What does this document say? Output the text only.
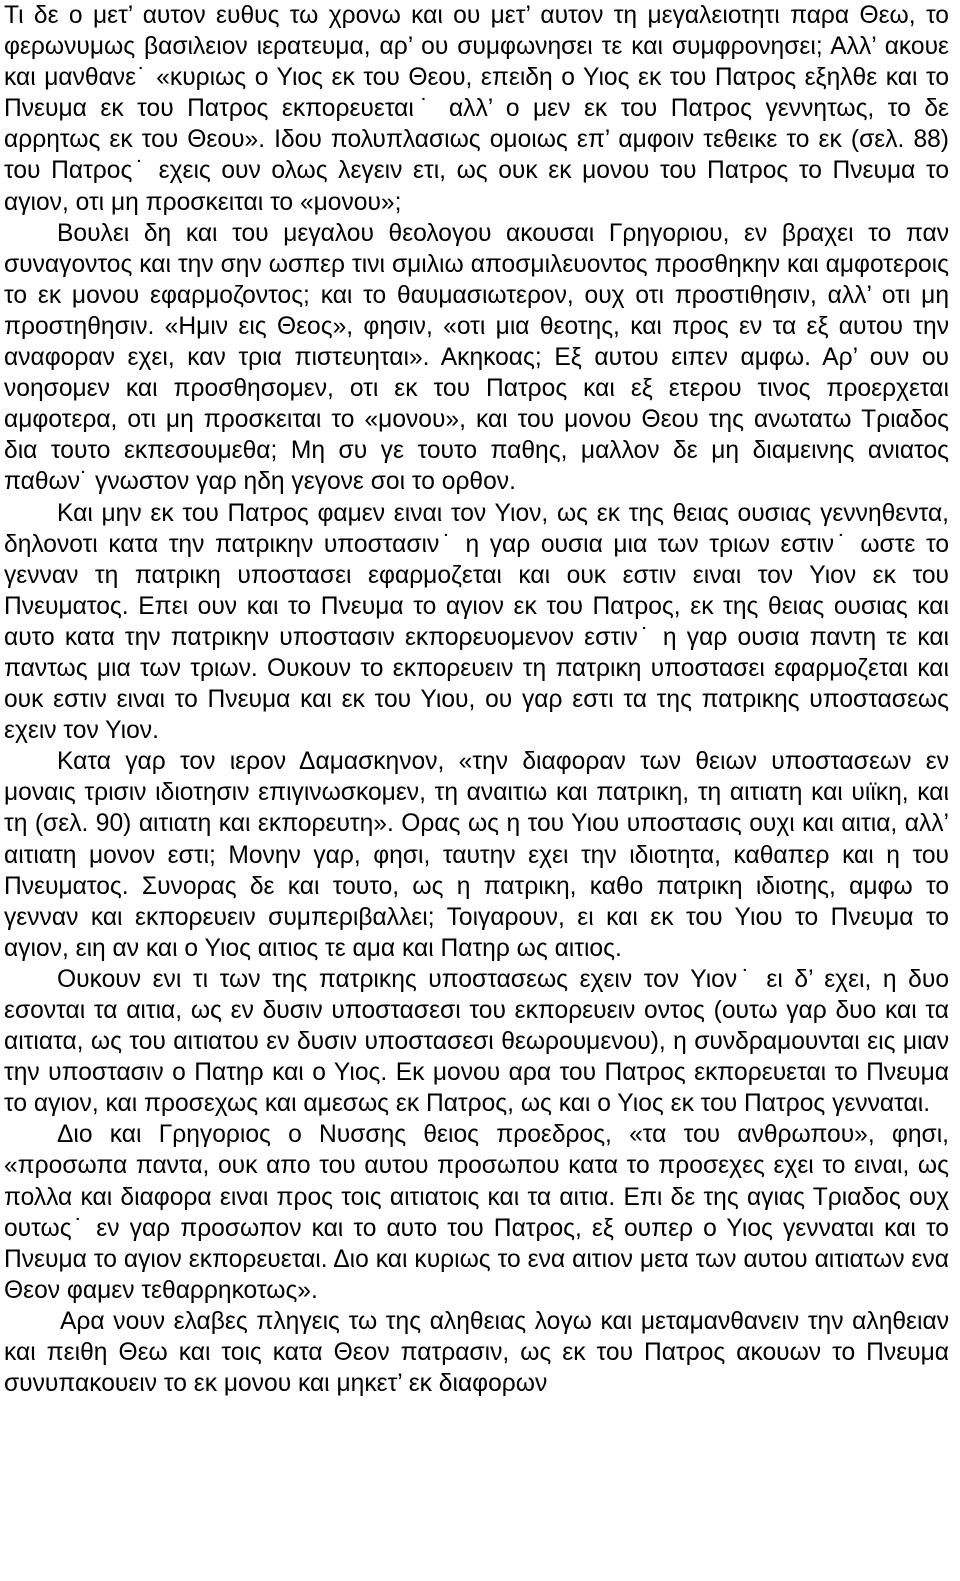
Τι δε ο μετ’ αυτον ευθυς τω χρονω και ου μετ’ αυτον τη μεγαλειοτητι παρα Θεω, το φερωνυμως βασιλειον ιερατευμα, αρ’ ου συμφωνησει τε και συμφρονησει; Αλλ’ ακουε και μανθανε˙ «κυριως ο Υιος εκ του Θεου, επειδη ο Υιος εκ του Πατρος εξηλθε και το Πνευμα εκ του Πατρος εκπορευεται˙ αλλ’ ο μεν εκ του Πατρος γεννητως, το δε αρρητως εκ του Θεου». Ιδου πολυπλασιως ομοιως επ’ αμφοιν τεθεικε το εκ (σελ. 88) του Πατρος˙ εχεις ουν ολως λεγειν ετι, ως ουκ εκ μονου του Πατρος το Πνευμα το αγιον, οτι μη προσκειται το «μονου»;

Βουλει δη και του μεγαλου θεολογου ακουσαι Γρηγοριου, εν βραχει το παν συναγοντος και την σην ωσπερ τινι σμιλιω αποσμιλευοντος προσθηκην και αμφοτεροις το εκ μονου εφαρμοζοντος; και το θαυμασιωτερον, ουχ οτι προστιθησιν, αλλ’ οτι μη προστηθησιν. «Ημιν εις Θεος», φησιν, «οτι μια θεοτης, και προς εν τα εξ αυτου την αναφοραν εχει, καν τρια πιστευηται». Ακηκοας; Εξ αυτου ειπεν αμφω. Αρ’ ουν ου νοησομεν και προσθησομεν, οτι εκ του Πατρος και εξ ετερου τινος προερχεται αμφοτερα, οτι μη προσκειται το «μονου», και του μονου Θεου της ανωτατω Τριαδος δια τουτο εκπεσουμεθα; Μη συ γε τουτο παθης, μαλλον δε μη διαμεινης ανιατος παθων˙ γνωστον γαρ ηδη γεγονε σοι το ορθον.

Και μην εκ του Πατρος φαμεν ειναι τον Υιον, ως εκ της θειας ουσιας γεννηθεντα, δηλονοτι κατα την πατρικην υποστασιν˙ η γαρ ουσια μια των τριων εστιν˙ ωστε το γενναν τη πατρικη υποστασει εφαρμοζεται και ουκ εστιν ειναι τον Υιον εκ του Πνευματος. Επει ουν και το Πνευμα το αγιον εκ του Πατρος, εκ της θειας ουσιας και αυτο κατα την πατρικην υποστασιν εκπορευομενον εστιν˙ η γαρ ουσια παντη τε και παντως μια των τριων. Ουκουν το εκπορευειν τη πατρικη υποστασει εφαρμοζεται και ουκ εστιν ειναι το Πνευμα και εκ του Υιου, ου γαρ εστι τα της πατρικης υποστασεως εχειν τον Υιον.

Κατα γαρ τον ιερον Δαμασκηνον, «την διαφοραν των θειων υποστασεων εν μοναις τρισιν ιδιοτησιν επιγινωσκομεν, τη αναιτιω και πατρικη, τη αιτιατη και υιϊκη, και τη (σελ. 90) αιτιατη και εκπορευτη». Ορας ως η του Υιου υποστασις ουχι και αιτια, αλλ’ αιτιατη μονον εστι; Μονην γαρ, φησι, ταυτην εχει την ιδιοτητα, καθαπερ και η του Πνευματος. Συνορας δε και τουτο, ως η πατρικη, καθο πατρικη ιδιοτης, αμφω το γενναν και εκπορευειν συμπεριβαλλει; Τοιγαρουν, ει και εκ του Υιου το Πνευμα το αγιον, ειη αν και ο Υιος αιτιος τε αμα και Πατηρ ως αιτιος.

Ουκουν ενι τι των της πατρικης υποστασεως εχειν τον Υιον˙ ει δ’ εχει, η δυο εσονται τα αιτια, ως εν δυσιν υποστασεσι του εκπορευειν οντος (ουτω γαρ δυο και τα αιτιατα, ως του αιτιατου εν δυσιν υποστασεσι θεωρουμενου), η συνδραμουνται εις μιαν την υποστασιν ο Πατηρ και ο Υιος. Εκ μονου αρα του Πατρος εκπορευεται το Πνευμα το αγιον, και προσεχως και αμεσως εκ Πατρος, ως και ο Υιος εκ του Πατρος γενναται.

Διο και Γρηγοριος ο Νυσσης θειος προεδρος, «τα του ανθρωπου», φησι, «προσωπα παντα, ουκ απο του αυτου προσωπου κατα το προσεχες εχει το ειναι, ως πολλα και διαφορα ειναι προς τοις αιτιατοις και τα αιτια. Επι δε της αγιας Τριαδος ουχ ουτως˙ εν γαρ προσωπον και το αυτο του Πατρος, εξ ουπερ ο Υιος γενναται και το Πνευμα το αγιον εκπορευεται. Διο και κυριως το ενα αιτιον μετα των αυτου αιτιατων ενα Θεον φαμεν τεθαρρηκοτως».

Αρα νουν ελαβες πληγεις τω της αληθειας λογω και μεταμανθανειν την αληθειαν και πειθη Θεω και τοις κατα Θεον πατρασιν, ως εκ του Πατρος ακουων το Πνευμα συνυπακουειν το εκ μονου και μηκετ’ εκ διαφορων
